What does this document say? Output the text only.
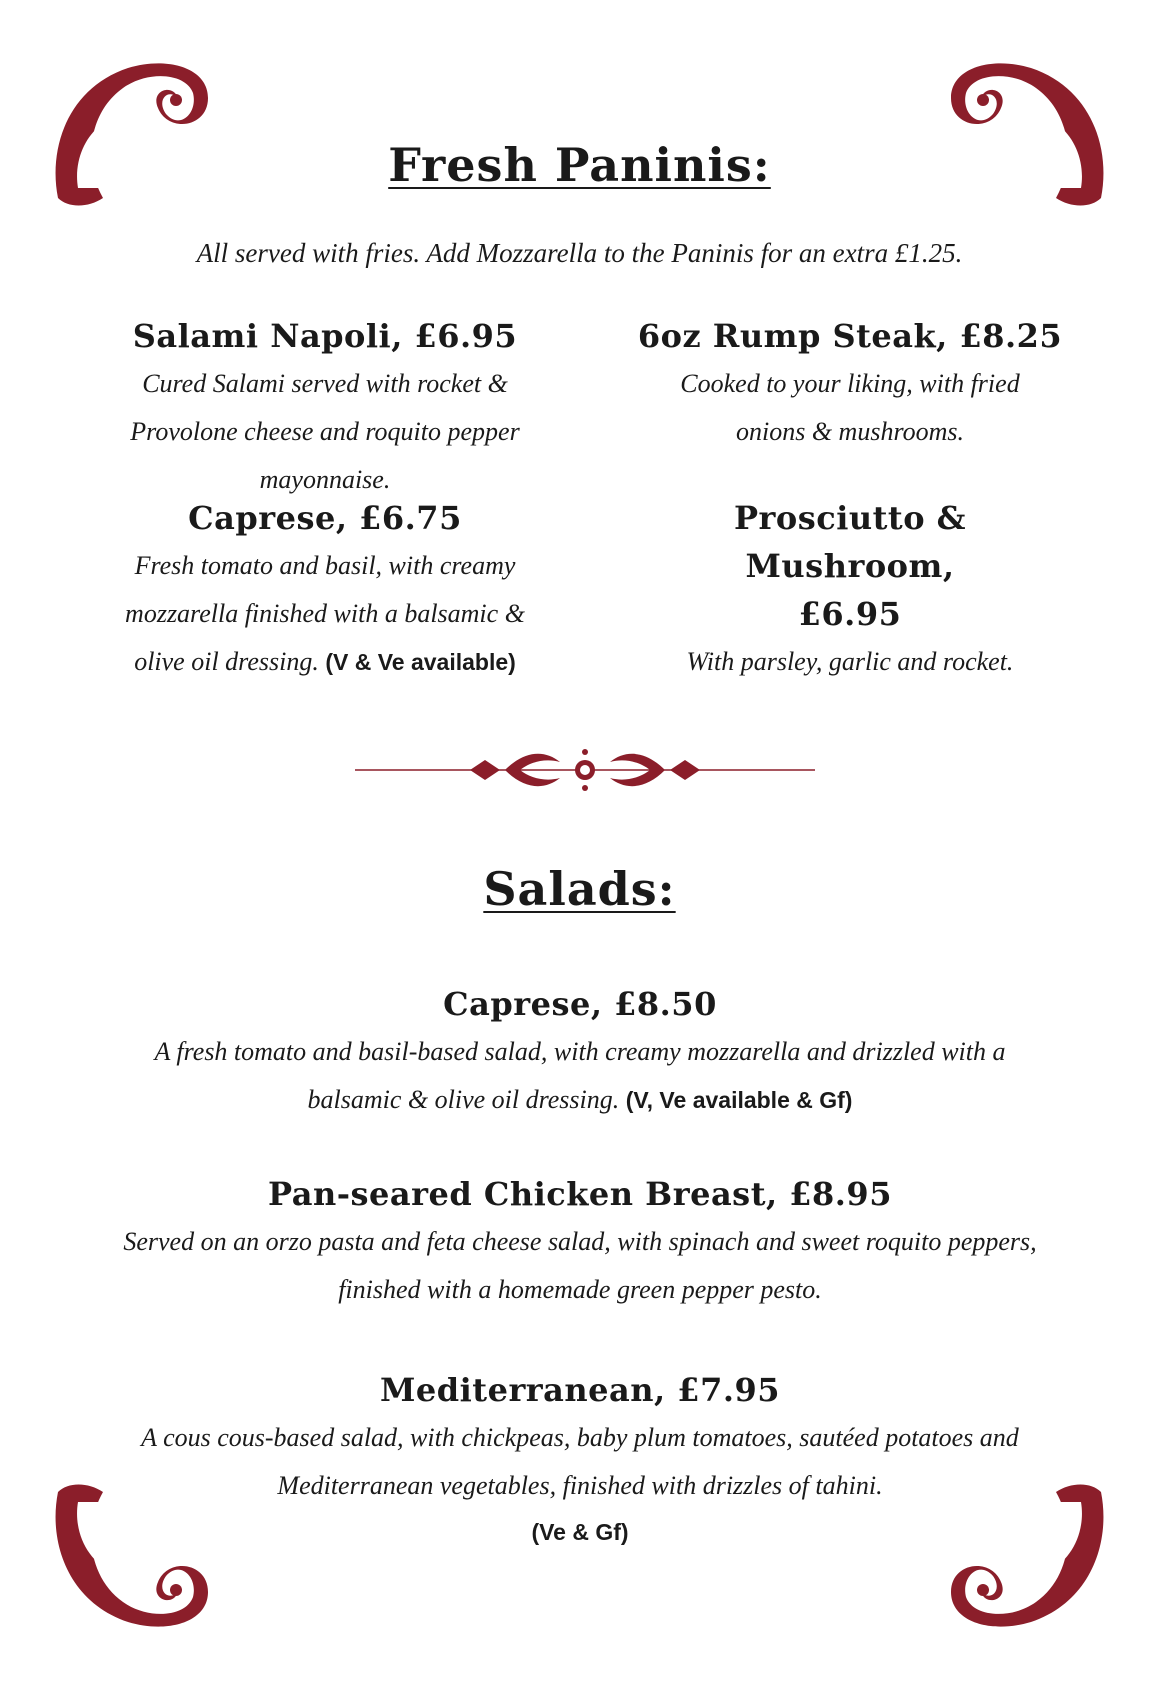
Fresh Paninis:
All served with fries. Add Mozzarella to the Paninis for an extra £1.25.
Salami Napoli, £6.95
Cured Salami served with rocket & Provolone cheese and roquito pepper mayonnaise.
6oz Rump Steak, £8.25
Cooked to your liking, with fried onions & mushrooms.
Caprese, £6.75
Fresh tomato and basil, with creamy mozzarella finished with a balsamic & olive oil dressing. (V & Ve available)
Prosciutto & Mushroom,
£6.95
With parsley, garlic and rocket.
Salads:
Caprese, £8.50
A fresh tomato and basil-based salad, with creamy mozzarella and drizzled with a balsamic & olive oil dressing. (V, Ve available & Gf)
Pan-seared Chicken Breast, £8.95
Served on an orzo pasta and feta cheese salad, with spinach and sweet roquito peppers, finished with a homemade green pepper pesto.
Mediterranean, £7.95
A cous cous-based salad, with chickpeas, baby plum tomatoes, sautéed potatoes and Mediterranean vegetables, finished with drizzles of tahini.
(Ve & Gf)
